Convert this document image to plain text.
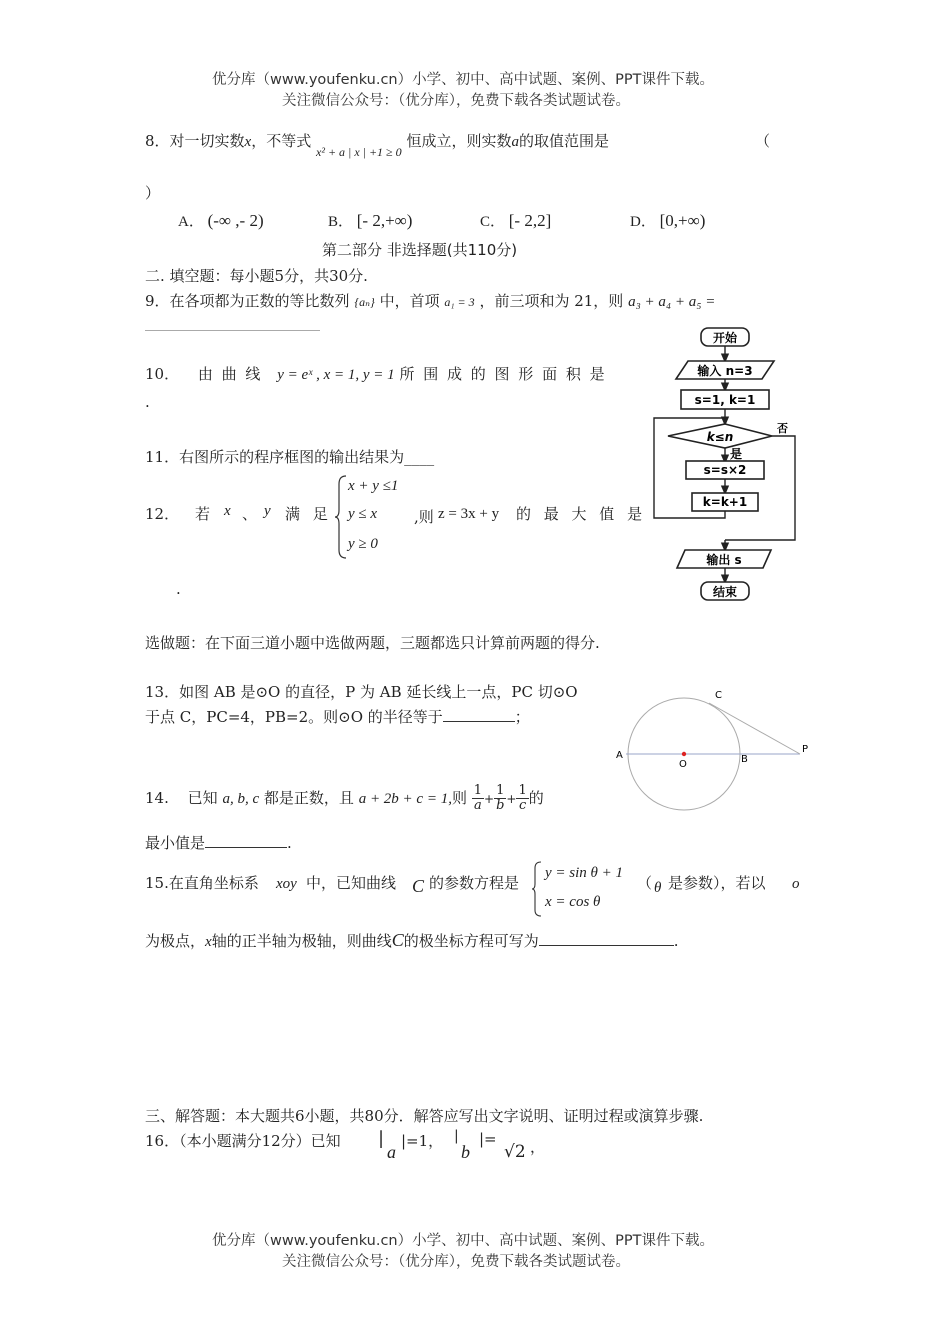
优分库（www.youfenku.cn）小学、初中、高中试题、案例、PPT课件下载。
关注微信公众号：（优分库），免费下载各类试题试卷。
8．对一切实数x，不等式 $_{x^2 + a | x | +1 \ge 0}$ 恒成立，则实数a的取值范围是	（
）
A． (-∞ ,- 2)	B． [- 2,+∞)	C． [- 2,2]	D． [0,+∞)
第二部分 非选择题(共110分)
二. 填空题：每小题5分，共30分.
9．在各项都为正数的等比数列 {aₙ} 中，首项 a₁ = 3 ，前三项和为 21，则 a₃ + a₄ + a₅ =
10． 由 曲 线 y = eˣ , x = 1, y = 1 所 围 成 的 图 形 面 积 是
.
11．右图所示的程序框图的输出结果为____
12． 若 x 、 y 满 足
x + y ≤1
y ≤ x
y ≥ 0
,则 z = 3x + y 的 最 大 值 是
.
开始
输入 n=3
s=1, k=1
k≤n
否
是
s=s×2
k=k+1
输出 s
结束
选做题：在下面三道小题中选做两题，三题都选只计算前两题的得分.
13．如图 AB 是⊙O 的直径，P 为 AB 延长线上一点，PC 切⊙O
于点 C，PC=4，PB=2。则⊙O 的半径等于	；
C
A
O	B
P
14. 已知 a, b, c 都是正数，且 a + 2b + c = 1,则 $\frac{1}{a} + \frac{1}{b} + \frac{1}{c}$ 的
最小值是	.
15.在直角坐标系 xoy 中，已知曲线 C 的参数方程是
y = sin θ + 1
x = cos θ
（ θ 是参数），若以 o
为极点，x轴的正半轴为极轴，则曲线C的极坐标方程可写为	.
三、解答题：本大题共6小题，共80分．解答应写出文字说明、证明过程或演算步骤.
16．（本小题满分12分）已知 |
a
|=1， |
b
|=
√2 ，
优分库（www.youfenku.cn）小学、初中、高中试题、案例、PPT课件下载。
关注微信公众号：（优分库），免费下载各类试题试卷。
